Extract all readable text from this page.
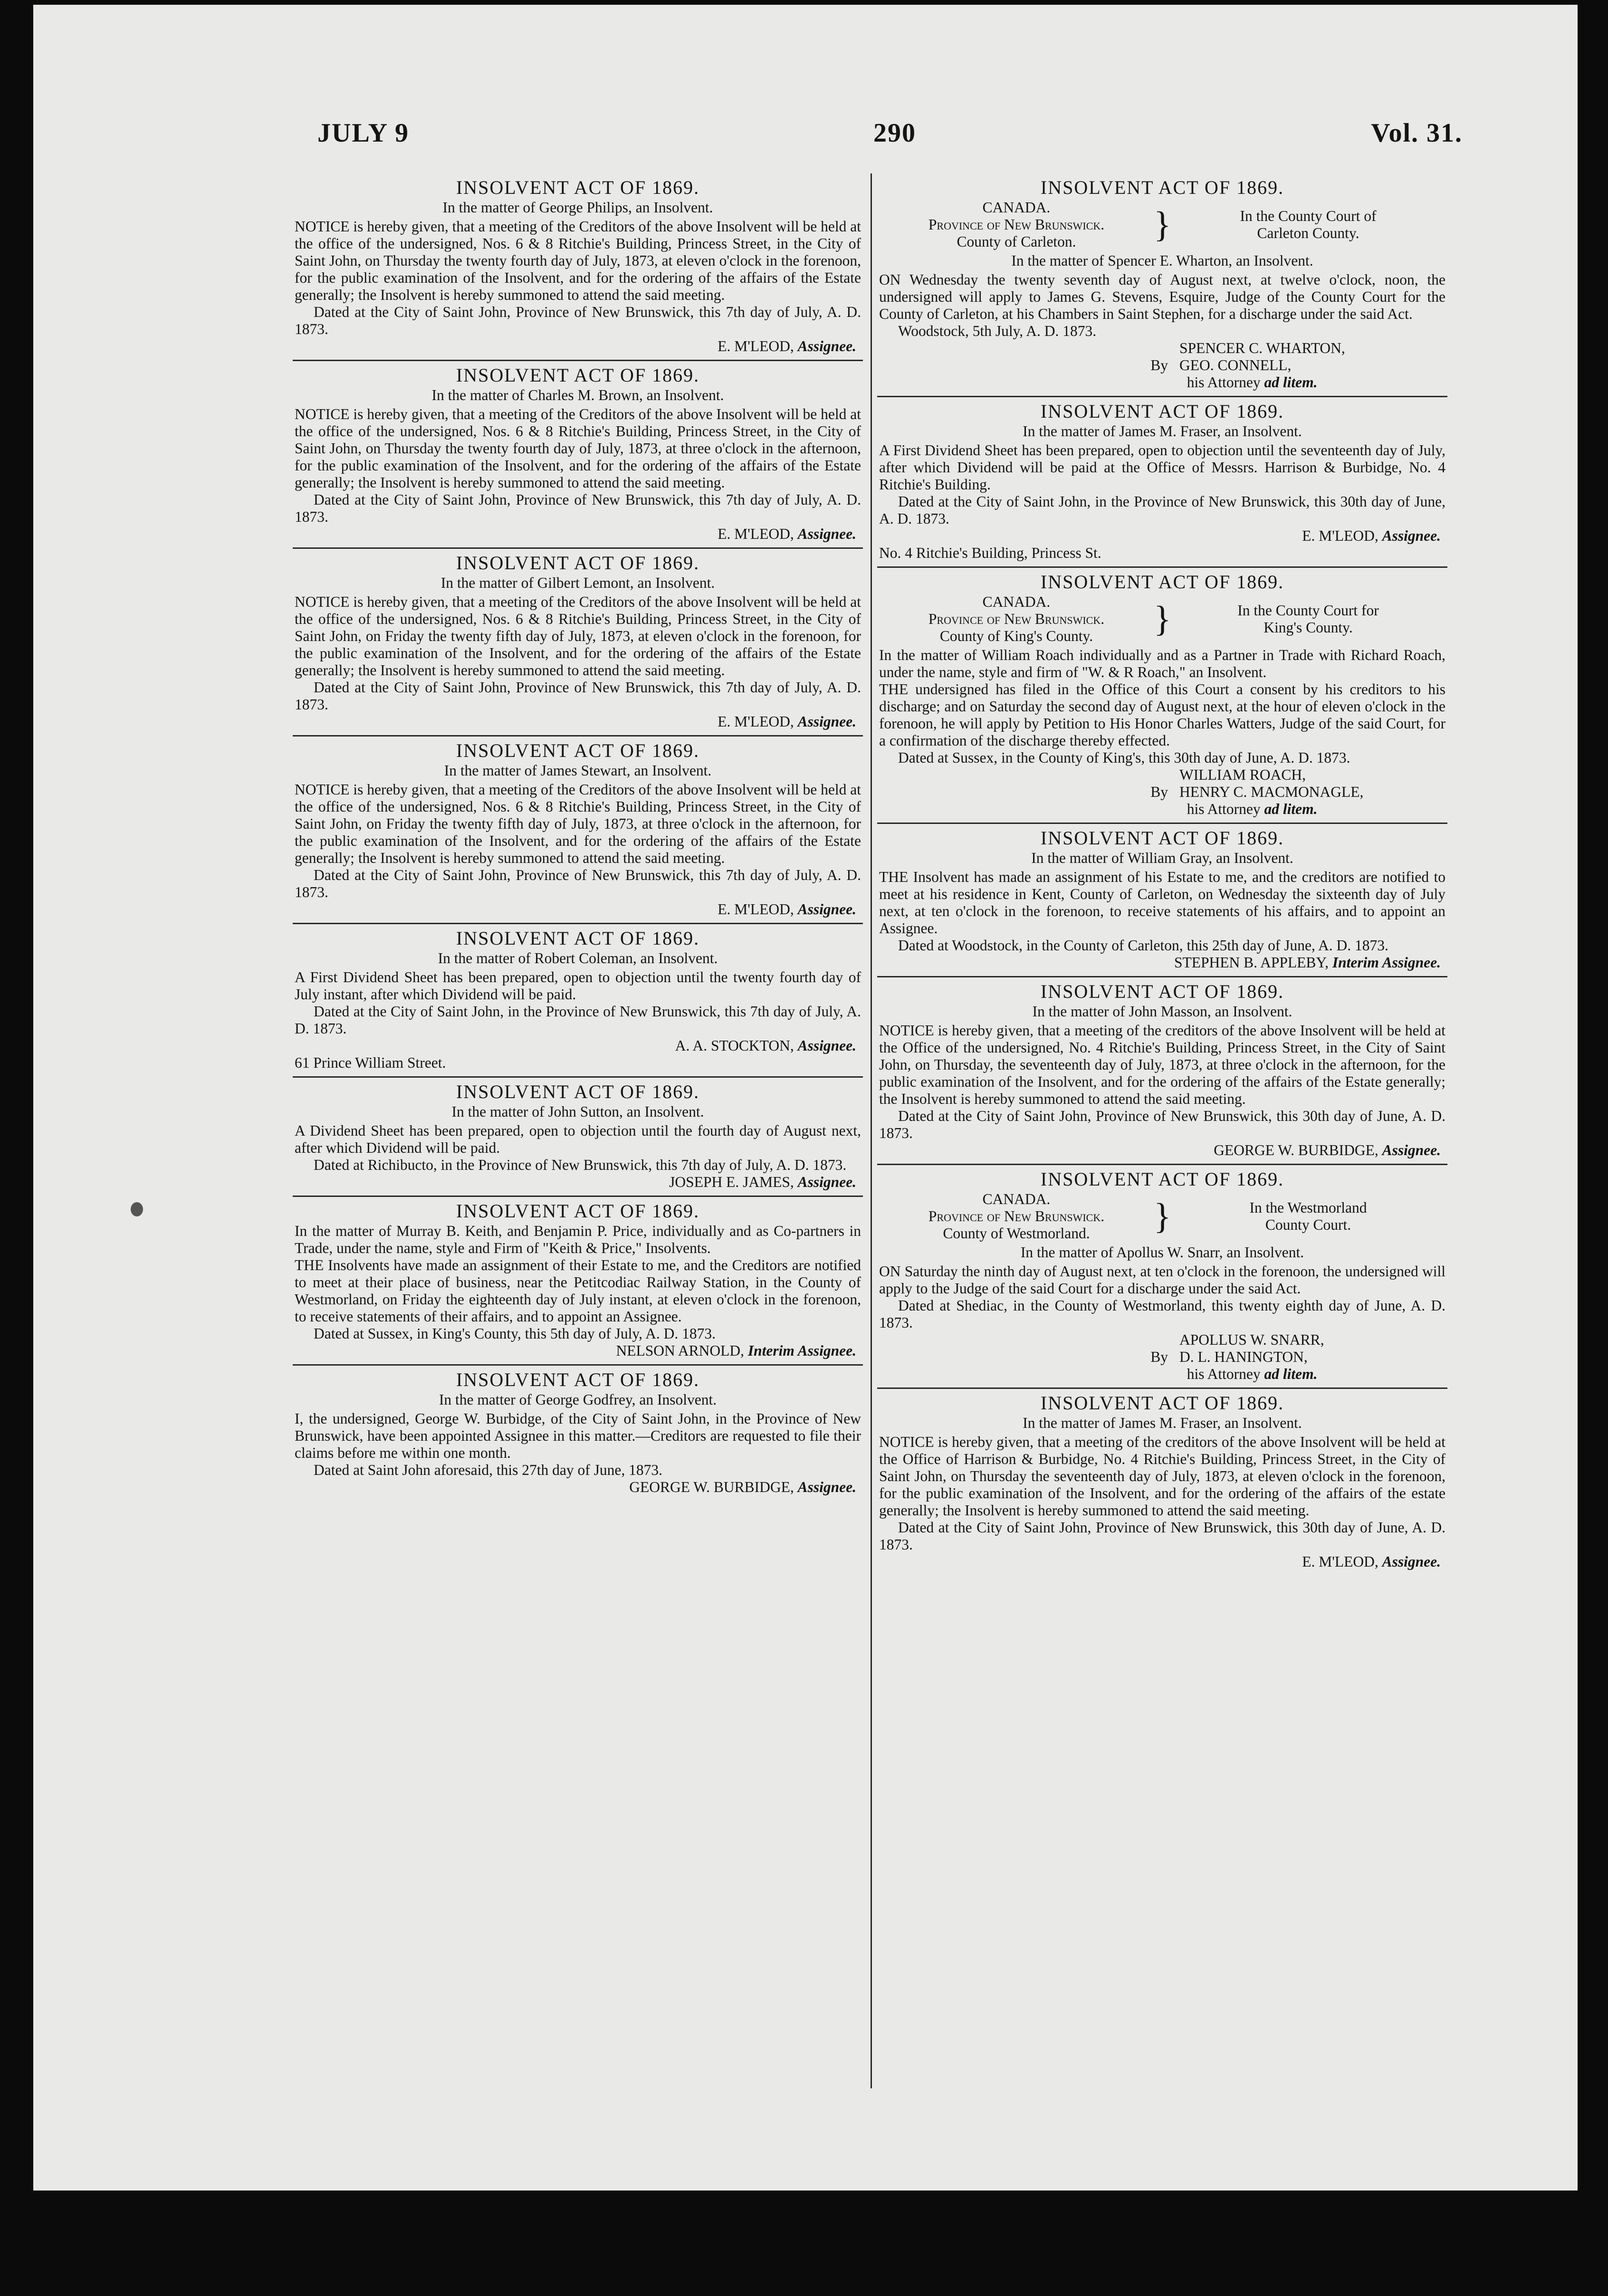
JULY 9	290	Vol. 31.
INSOLVENT ACT OF 1869.
In the matter of George Philips, an Insolvent.
NOTICE is hereby given, that a meeting of the Creditors of the above Insolvent will be held at the office of the undersigned, Nos. 6 & 8 Ritchie's Building, Princess Street, in the City of Saint John, on Thursday the twenty fourth day of July, 1873, at eleven o'clock in the forenoon, for the public examination of the Insolvent, and for the ordering of the affairs of the Estate generally; the Insolvent is hereby summoned to attend the said meeting.
Dated at the City of Saint John, Province of New Brunswick, this 7th day of July, A. D. 1873.
E. M'LEOD, Assignee.
INSOLVENT ACT OF 1869.
In the matter of Charles M. Brown, an Insolvent.
NOTICE is hereby given, that a meeting of the Creditors of the above Insolvent will be held at the office of the undersigned, Nos. 6 & 8 Ritchie's Building, Princess Street, in the City of Saint John, on Thursday the twenty fourth day of July, 1873, at three o'clock in the afternoon, for the public examination of the Insolvent, and for the ordering of the affairs of the Estate generally; the Insolvent is hereby summoned to attend the said meeting.
Dated at the City of Saint John, Province of New Brunswick, this 7th day of July, A. D. 1873.
E. M'LEOD, Assignee.
INSOLVENT ACT OF 1869.
In the matter of Gilbert Lemont, an Insolvent.
NOTICE is hereby given, that a meeting of the Creditors of the above Insolvent will be held at the office of the undersigned, Nos. 6 & 8 Ritchie's Building, Princess Street, in the City of Saint John, on Friday the twenty fifth day of July, 1873, at eleven o'clock in the forenoon, for the public examination of the Insolvent, and for the ordering of the affairs of the Estate generally; the Insolvent is hereby summoned to attend the said meeting.
Dated at the City of Saint John, Province of New Brunswick, this 7th day of July, A. D. 1873.
E. M'LEOD, Assignee.
INSOLVENT ACT OF 1869.
In the matter of James Stewart, an Insolvent.
NOTICE is hereby given, that a meeting of the Creditors of the above Insolvent will be held at the office of the undersigned, Nos. 6 & 8 Ritchie's Building, Princess Street, in the City of Saint John, on Friday the twenty fifth day of July, 1873, at three o'clock in the afternoon, for the public examination of the Insolvent, and for the ordering of the affairs of the Estate generally; the Insolvent is hereby summoned to attend the said meeting.
Dated at the City of Saint John, Province of New Brunswick, this 7th day of July, A. D. 1873.
E. M'LEOD, Assignee.
INSOLVENT ACT OF 1869.
In the matter of Robert Coleman, an Insolvent.
A First Dividend Sheet has been prepared, open to objection until the twenty fourth day of July instant, after which Dividend will be paid.
Dated at the City of Saint John, in the Province of New Brunswick, this 7th day of July, A. D. 1873.
A. A. STOCKTON, Assignee.
61 Prince William Street.
INSOLVENT ACT OF 1869.
In the matter of John Sutton, an Insolvent.
A Dividend Sheet has been prepared, open to objection until the fourth day of August next, after which Dividend will be paid.
Dated at Richibucto, in the Province of New Brunswick, this 7th day of July, A. D. 1873.
JOSEPH E. JAMES, Assignee.
INSOLVENT ACT OF 1869.
In the matter of Murray B. Keith, and Benjamin P. Price, individually and as Co-partners in Trade, under the name, style and Firm of "Keith & Price," Insolvents.
THE Insolvents have made an assignment of their Estate to me, and the Creditors are notified to meet at their place of business, near the Petitcodiac Railway Station, in the County of Westmorland, on Friday the eighteenth day of July instant, at eleven o'clock in the forenoon, to receive statements of their affairs, and to appoint an Assignee.
Dated at Sussex, in King's County, this 5th day of July, A. D. 1873.
NELSON ARNOLD, Interim Assignee.
INSOLVENT ACT OF 1869.
In the matter of George Godfrey, an Insolvent.
I, the undersigned, George W. Burbidge, of the City of Saint John, in the Province of New Brunswick, have been appointed Assignee in this matter.—Creditors are requested to file their claims before me within one month.
Dated at Saint John aforesaid, this 27th day of June, 1873.
GEORGE W. BURBIDGE, Assignee.
INSOLVENT ACT OF 1869.
CANADA.
Province of New Brunswick.
County of Carleton.	}	In the County Court of
Carleton County.
In the matter of Spencer E. Wharton, an Insolvent.
ON Wednesday the twenty seventh day of August next, at twelve o'clock, noon, the undersigned will apply to James G. Stevens, Esquire, Judge of the County Court for the County of Carleton, at his Chambers in Saint Stephen, for a discharge under the said Act.
Woodstock, 5th July, A. D. 1873.
SPENCER C. WHARTON,
By GEO. CONNELL,
his Attorney ad litem.
INSOLVENT ACT OF 1869.
In the matter of James M. Fraser, an Insolvent.
A First Dividend Sheet has been prepared, open to objection until the seventeenth day of July, after which Dividend will be paid at the Office of Messrs. Harrison & Burbidge, No. 4 Ritchie's Building.
Dated at the City of Saint John, in the Province of New Brunswick, this 30th day of June, A. D. 1873.
E. M'LEOD, Assignee.
No. 4 Ritchie's Building, Princess St.
INSOLVENT ACT OF 1869.
CANADA.
Province of New Brunswick.
County of King's County.	}	In the County Court for
King's County.
In the matter of William Roach individually and as a Partner in Trade with Richard Roach, under the name, style and firm of "W. & R Roach," an Insolvent.
THE undersigned has filed in the Office of this Court a consent by his creditors to his discharge; and on Saturday the second day of August next, at the hour of eleven o'clock in the forenoon, he will apply by Petition to His Honor Charles Watters, Judge of the said Court, for a confirmation of the discharge thereby effected.
Dated at Sussex, in the County of King's, this 30th day of June, A. D. 1873.
WILLIAM ROACH,
By HENRY C. MACMONAGLE,
his Attorney ad litem.
INSOLVENT ACT OF 1869.
In the matter of William Gray, an Insolvent.
THE Insolvent has made an assignment of his Estate to me, and the creditors are notified to meet at his residence in Kent, County of Carleton, on Wednesday the sixteenth day of July next, at ten o'clock in the forenoon, to receive statements of his affairs, and to appoint an Assignee.
Dated at Woodstock, in the County of Carleton, this 25th day of June, A. D. 1873.
STEPHEN B. APPLEBY, Interim Assignee.
INSOLVENT ACT OF 1869.
In the matter of John Masson, an Insolvent.
NOTICE is hereby given, that a meeting of the creditors of the above Insolvent will be held at the Office of the undersigned, No. 4 Ritchie's Building, Princess Street, in the City of Saint John, on Thursday, the seventeenth day of July, 1873, at three o'clock in the afternoon, for the public examination of the Insolvent, and for the ordering of the affairs of the Estate generally; the Insolvent is hereby summoned to attend the said meeting.
Dated at the City of Saint John, Province of New Brunswick, this 30th day of June, A. D. 1873.
GEORGE W. BURBIDGE, Assignee.
INSOLVENT ACT OF 1869.
CANADA.
Province of New Brunswick.
County of Westmorland.	}	In the Westmorland
County Court.
In the matter of Apollus W. Snarr, an Insolvent.
ON Saturday the ninth day of August next, at ten o'clock in the forenoon, the undersigned will apply to the Judge of the said Court for a discharge under the said Act.
Dated at Shediac, in the County of Westmorland, this twenty eighth day of June, A. D. 1873.
APOLLUS W. SNARR,
By D. L. HANINGTON,
his Attorney ad litem.
INSOLVENT ACT OF 1869.
In the matter of James M. Fraser, an Insolvent.
NOTICE is hereby given, that a meeting of the creditors of the above Insolvent will be held at the Office of Harrison & Burbidge, No. 4 Ritchie's Building, Princess Street, in the City of Saint John, on Thursday the seventeenth day of July, 1873, at eleven o'clock in the forenoon, for the public examination of the Insolvent, and for the ordering of the affairs of the estate generally; the Insolvent is hereby summoned to attend the said meeting.
Dated at the City of Saint John, Province of New Brunswick, this 30th day of June, A. D. 1873.
E. M'LEOD, Assignee.
